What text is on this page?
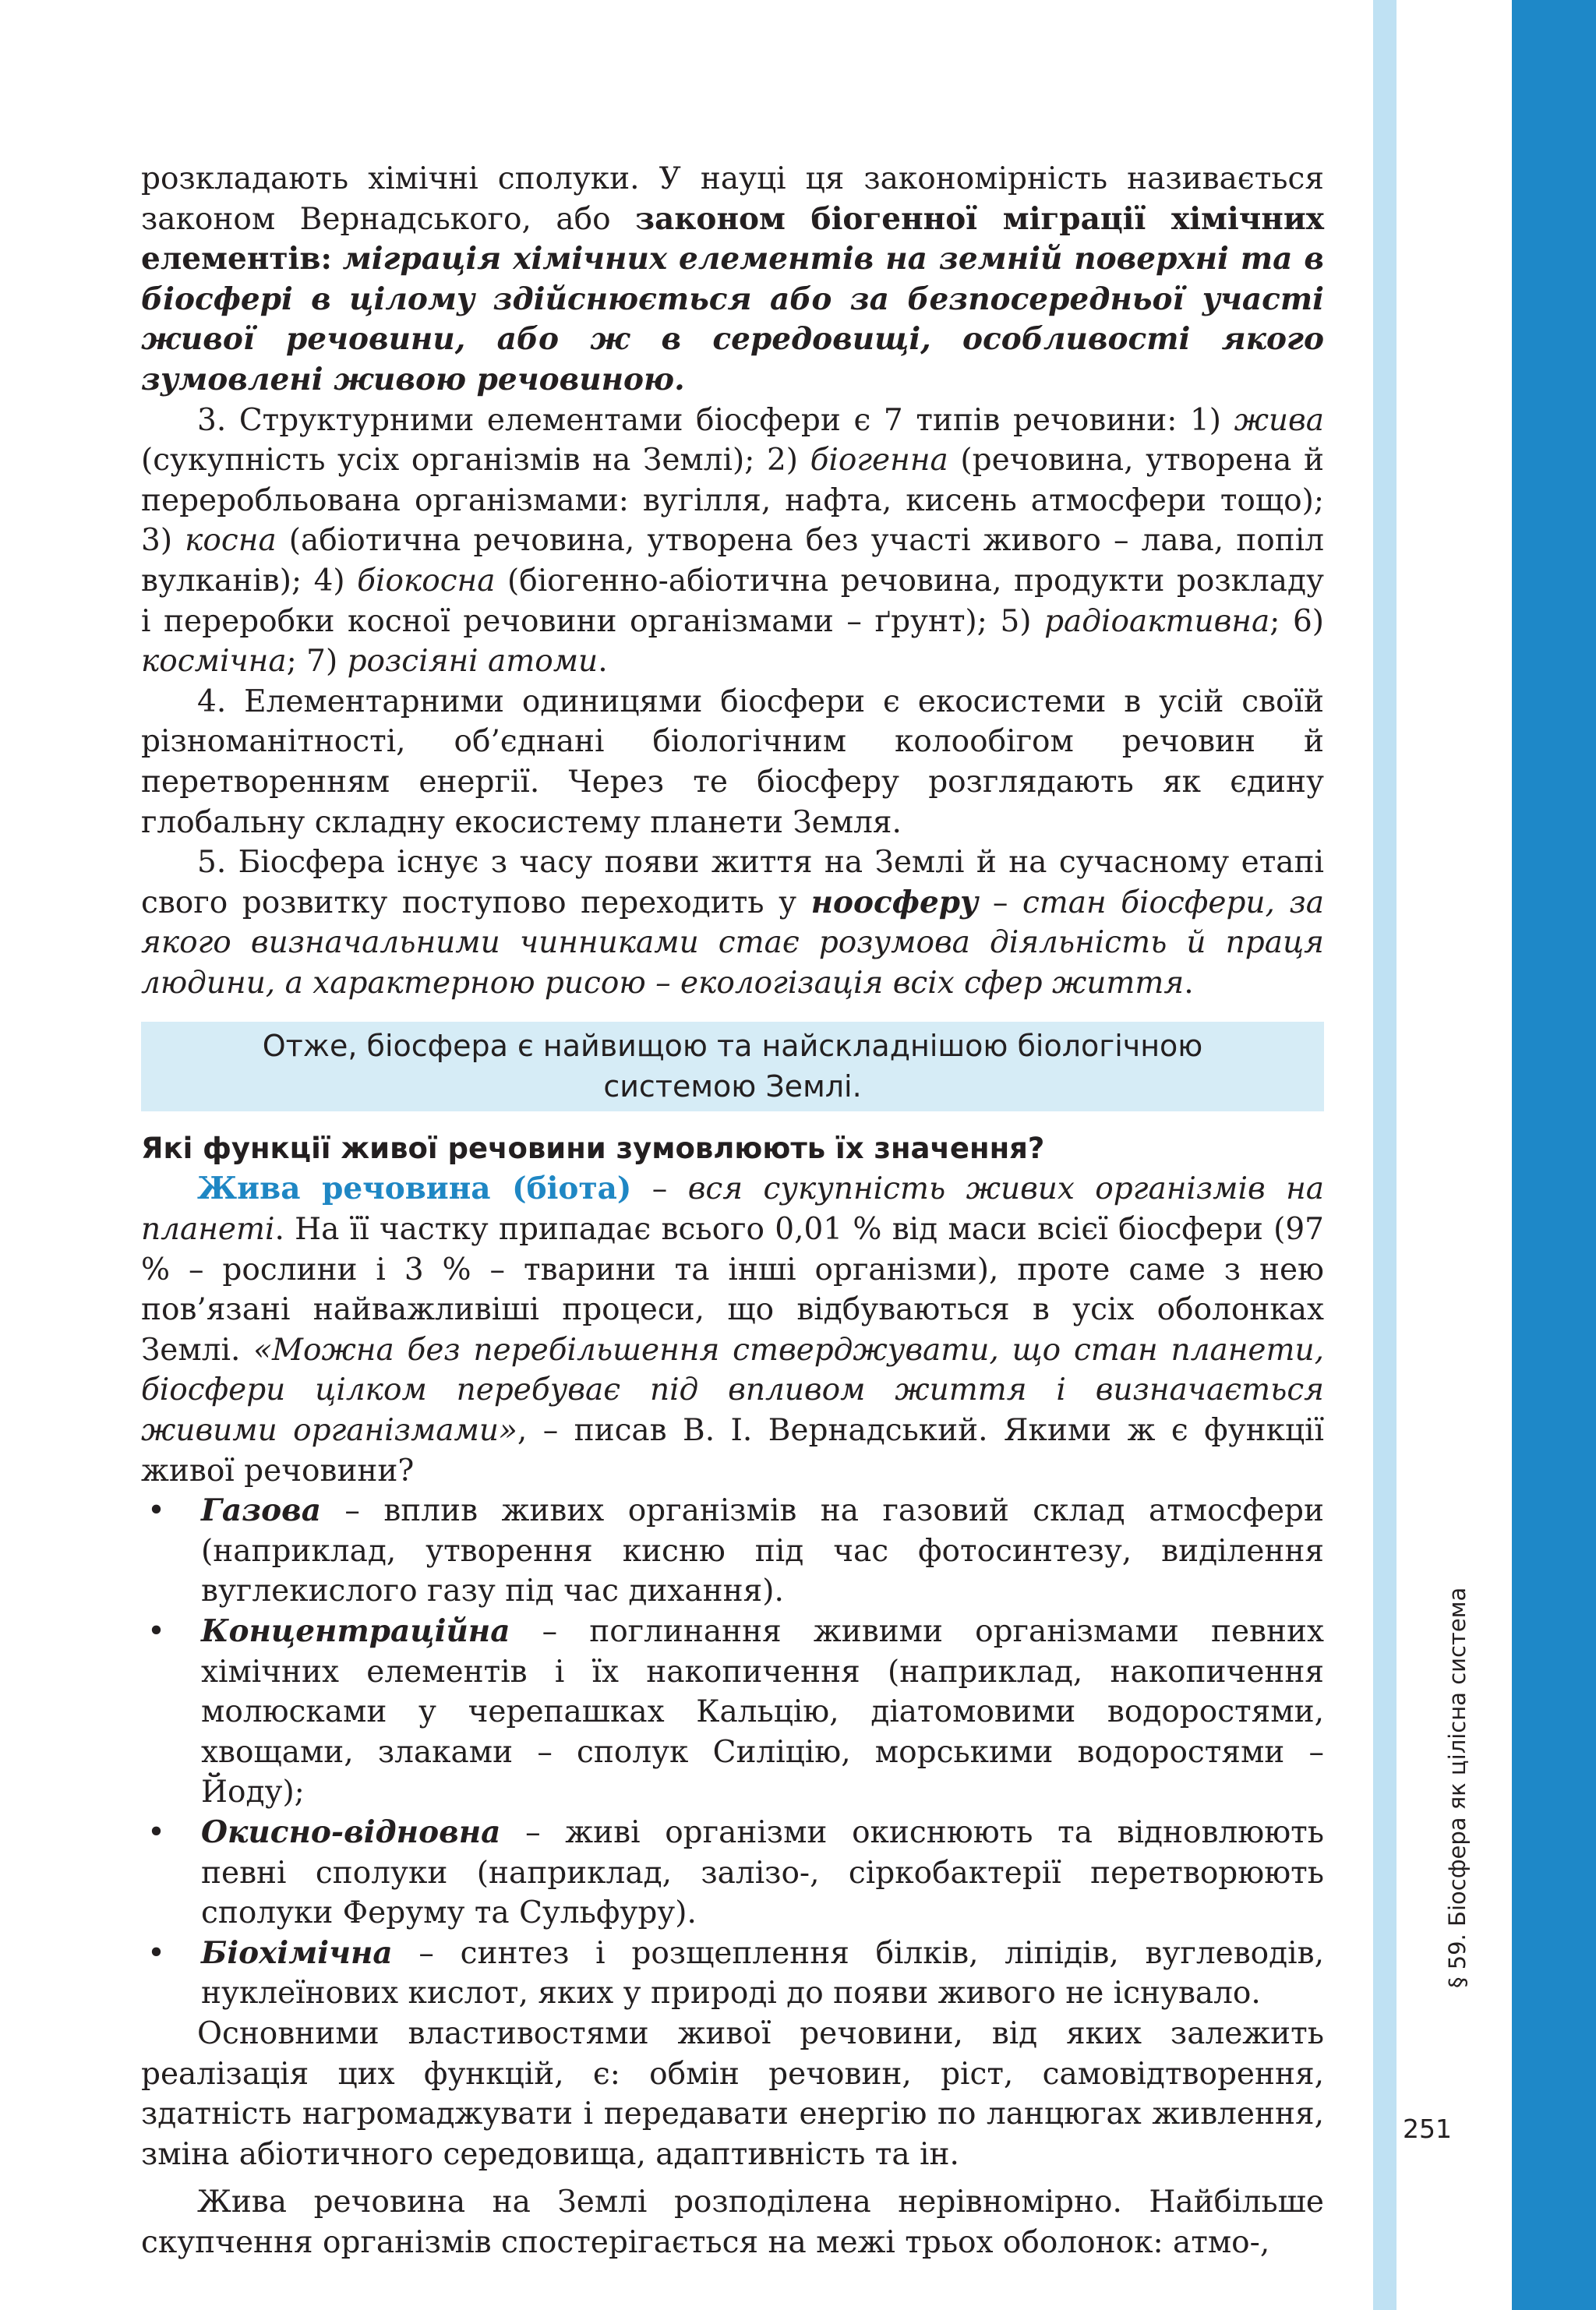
§ 59. Біосфера як цілісна система
251

розкладають хімічні сполуки. У науці ця закономірність називається законом Вернадського, або законом біогенної міграції хімічних елементів: міграція хімічних елементів на земній поверхні та в біосфері в цілому здійснюється або за безпосередньої участі живої речовини, або ж в середовищі, особливості якого зумовлені живою речовиною.

3. Структурними елементами біосфери є 7 типів речовини: 1) жива (сукупність усіх організмів на Землі); 2) біогенна (речовина, утворена й переробльована організмами: вугілля, нафта, кисень атмосфери тощо); 3) косна (абіотична речовина, утворена без участі живого – лава, попіл вулканів); 4) біокосна (біогенно-абіотична речовина, продукти розкладу і переробки косної речовини організмами – ґрунт); 5) радіоактивна; 6) космічна; 7) розсіяні атоми.

4. Елементарними одиницями біосфери є екосистеми в усій своїй різноманітності, об’єднані біологічним колообігом речовин й перетворенням енергії. Через те біосферу розглядають як єдину глобальну складну екосистему планети Земля.

5. Біосфера існує з часу появи життя на Землі й на сучасному етапі свого розвитку поступово переходить у ноосферу – стан біосфери, за якого визначальними чинниками стає розумова діяльність й праця людини, а характерною рисою – екологізація всіх сфер життя.

Отже, біосфера є найвищою та найскладнішою біологічною
системою Землі.
Які функції живої речовини зумовлюють їх значення?

Жива речовина (біота) – вся сукупність живих організмів на планеті. На її частку припадає всього 0,01 % від маси всієї біосфери (97 % – рослини і 3 % – тварини та інші організми), проте саме з нею пов’язані найважливіші процеси, що відбуваються в усіх оболонках Землі. «Можна без перебільшення стверджувати, що стан планети, біосфери цілком перебуває під впливом життя і визначається живими організмами», – писав В. І. Вернадський. Якими ж є функції живої речовини?

• Газова – вплив живих організмів на газовий склад атмосфери (наприклад, утворення кисню під час фотосинтезу, виділення вуглекислого газу під час дихання).
• Концентраційна – поглинання живими організмами певних хімічних елементів і їх накопичення (наприклад, накопичення молюсками у черепашках Кальцію, діатомовими водоростями, хвощами, злаками – сполук Силіцію, морськими водоростями – Йоду);
• Окисно-відновна – живі організми окиснюють та відновлюють певні сполуки (наприклад, залізо-, сіркобактерії перетворюють сполуки Феруму та Сульфуру).
• Біохімічна – синтез і розщеплення білків, ліпідів, вуглеводів, нуклеїнових кислот, яких у природі до появи живого не існувало.

Основними властивостями живої речовини, від яких залежить реалізація цих функцій, є: обмін речовин, ріст, самовідтворення, здатність нагромаджувати і передавати енергію по ланцюгах живлення, зміна абіотичного середовища, адаптивність та ін.

Жива речовина на Землі розподілена нерівномірно. Найбільше скупчення організмів спостерігається на межі трьох оболонок: атмо-,
